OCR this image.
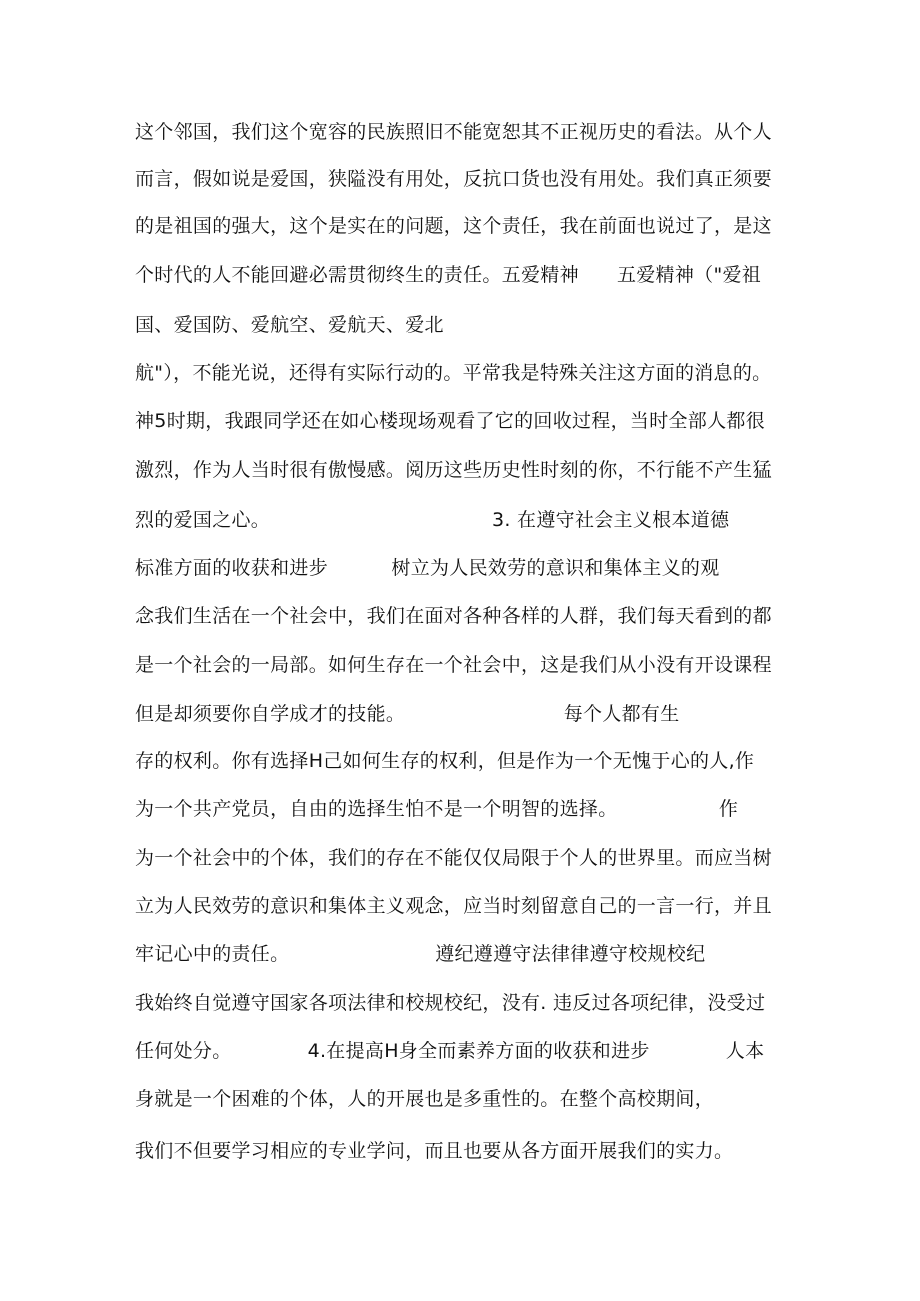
这个邻国，我们这个宽容的民族照旧不能宽恕其不正视历史的看法。从个人
而言，假如说是爱国，狭隘没有用处，反抗口货也没有用处。我们真正须要
的是祖国的强大，这个是实在的问题，这个责任，我在前面也说过了，是这
个时代的人不能回避必需贯彻终生的责任。五爱精神      五爱精神（"爱祖
国、爱国防、爱航空、爱航天、爱北
航"），不能光说，还得有实际行动的。平常我是特殊关注这方面的消息的。
神5时期，我跟同学还在如心楼现场观看了它的回收过程，当时全部人都很
激烈，作为人当时很有傲慢感。阅历这些历史性时刻的你，不行能不产生猛
烈的爱国之心。                                   3. 在遵守社会主义根本道德
标准方面的收获和进步          树立为人民效劳的意识和集体主义的观
念我们生活在一个社会中，我们在面对各种各样的人群，我们每天看到的都
是一个社会的一局部。如何生存在一个社会中，这是我们从小没有开设课程
但是却须要你自学成才的技能。                         每个人都有生
存的权利。你有选择H己如何生存的权利，但是作为一个无愧于心的人,作
为一个共产党员，自由的选择生怕不是一个明智的选择。                作
为一个社会中的个体，我们的存在不能仅仅局限于个人的世界里。而应当树
立为人民效劳的意识和集体主义观念，应当时刻留意自己的一言一行，并且
牢记心中的责任。                       遵纪遵遵守法律律遵守校规校纪
我始终自觉遵守国家各项法律和校规校纪，没有. 违反过各项纪律，没受过
任何处分。            4.在提高H身全而素养方面的收获和进步            人本
身就是一个困难的个体，人的开展也是多重性的。在整个高校期间，
我们不但要学习相应的专业学问，而且也要从各方面开展我们的实力。
